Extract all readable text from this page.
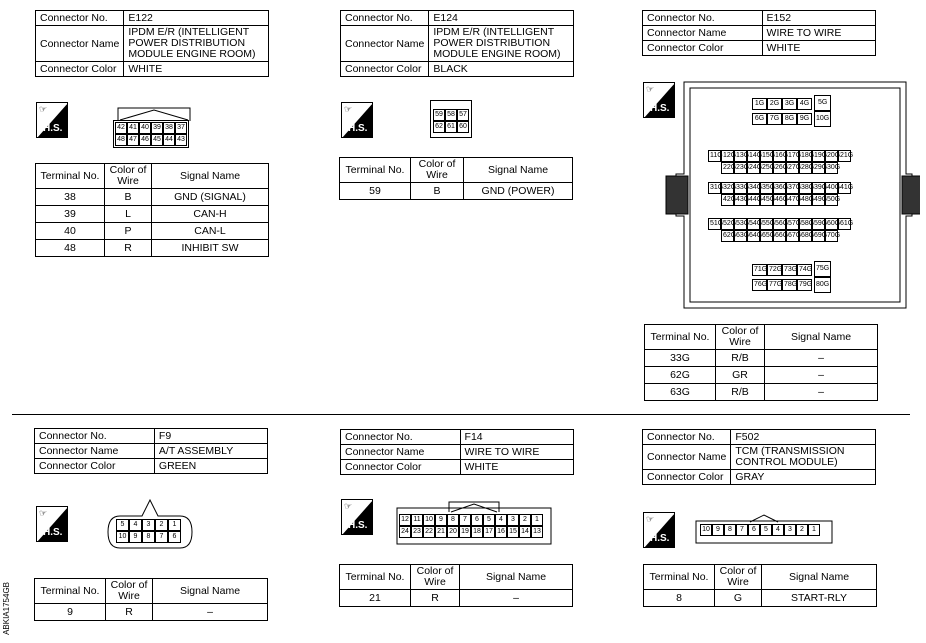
Connector No.	E122
Connector Name	IPDM E/R (INTELLIGENT POWER DISTRIBUTION MODULE ENGINE ROOM)
Connector Color	WHITE
☞
H.S.	42 41 40 39 38 37
48 47 46 45 44 43
Terminal No.	Color of Wire	Signal Name
38	B	GND (SIGNAL)
39	L	CAN-H
40	P	CAN-L
48	R	INHIBIT SW
Connector No.	E124
Connector Name	IPDM E/R (INTELLIGENT POWER DISTRIBUTION MODULE ENGINE ROOM)
Connector Color	BLACK
☞
H.S.
59 58 57
62 61 60
Terminal No.	Color of Wire	Signal Name
59	B	GND (POWER)
Connector No.	E152
Connector Name	WIRE TO WIRE
Connector Color	WHITE
☞
H.S.	1G 2G 3G 4G
6G 7G 8G 9G
5G
10G
11G 12G 13G 14G 15G 16G 17G 18G 19G 20G 21G
22G 23G 24G 25G 26G 27G 28G 29G 30G
31G 32G 33G 34G 35G 36G 37G 38G 39G 40G 41G
42G 43G 44G 45G 46G 47G 48G 49G 50G
51G 52G 53G 54G 55G 56G 57G 58G 59G 60G 61G
62G 63G 64G 65G 66G 67G 68G 69G 70G
71G 72G 73G 74G
76G 77G 78G 79G
75G
80G
Terminal No.	Color of Wire	Signal Name
33G	R/B	–
62G	GR	–
63G	R/B	–
Connector No.	F9
Connector Name	A/T ASSEMBLY
Connector Color	GREEN
☞
H.S.
5	4	3	2	1
10	9	8	7	6
Terminal No.	Color of Wire	Signal Name
9	R	–
Connector No.	F14
Connector Name	WIRE TO WIRE
Connector Color	WHITE
☞
H.S.
12 11 10 9	8	7	6	5	4	3	2	1
24 23 22 21 20 19 18 17 16 15 14 13
Terminal No.	Color of Wire	Signal Name
21	R	–
Connector No.	F502
Connector Name	TCM (TRANSMISSION CONTROL MODULE)
Connector Color	GRAY
☞
H.S.
10 9	8	7	6	5	4	3	2	1
Terminal No.	Color of Wire	Signal Name
8	G	START-RLY
ABKIA1754GB
